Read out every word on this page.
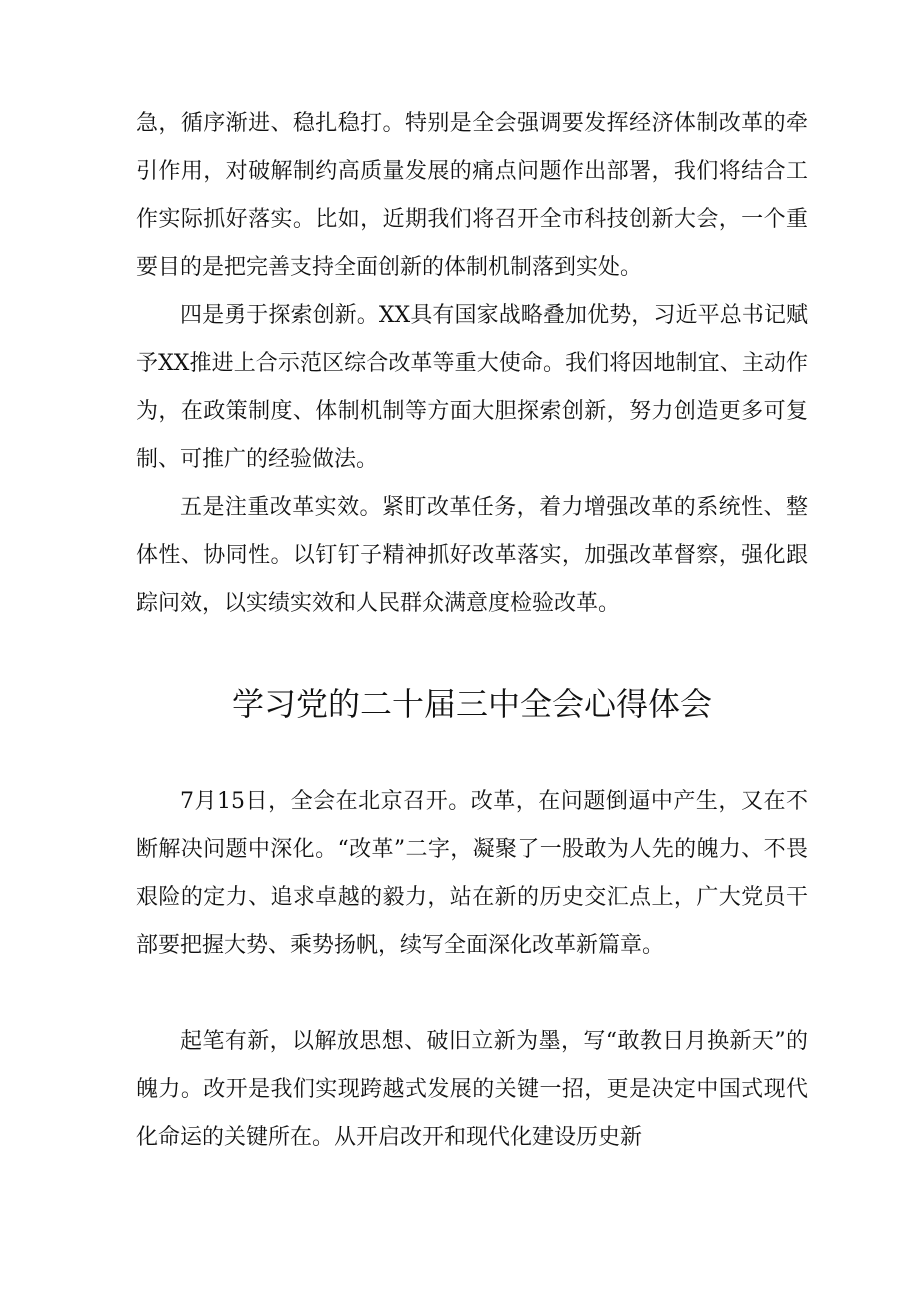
急，循序渐进、稳扎稳打。特别是全会强调要发挥经济体制改革的牵引作用，对破解制约高质量发展的痛点问题作出部署，我们将结合工作实际抓好落实。比如，近期我们将召开全市科技创新大会，一个重要目的是把完善支持全面创新的体制机制落到实处。

四是勇于探索创新。XX具有国家战略叠加优势，习近平总书记赋予XX推进上合示范区综合改革等重大使命。我们将因地制宜、主动作为，在政策制度、体制机制等方面大胆探索创新，努力创造更多可复制、可推广的经验做法。

五是注重改革实效。紧盯改革任务，着力增强改革的系统性、整体性、协同性。以钉钉子精神抓好改革落实，加强改革督察，强化跟踪问效，以实绩实效和人民群众满意度检验改革。

学习党的二十届三中全会心得体会

7月15日，全会在北京召开。改革，在问题倒逼中产生，又在不断解决问题中深化。“改革”二字，凝聚了一股敢为人先的魄力、不畏艰险的定力、追求卓越的毅力，站在新的历史交汇点上，广大党员干部要把握大势、乘势扬帆，续写全面深化改革新篇章。

起笔有新，以解放思想、破旧立新为墨，写“敢教日月换新天”的魄力。改开是我们实现跨越式发展的关键一招，更是决定中国式现代化命运的关键所在。从开启改开和现代化建设历史新
